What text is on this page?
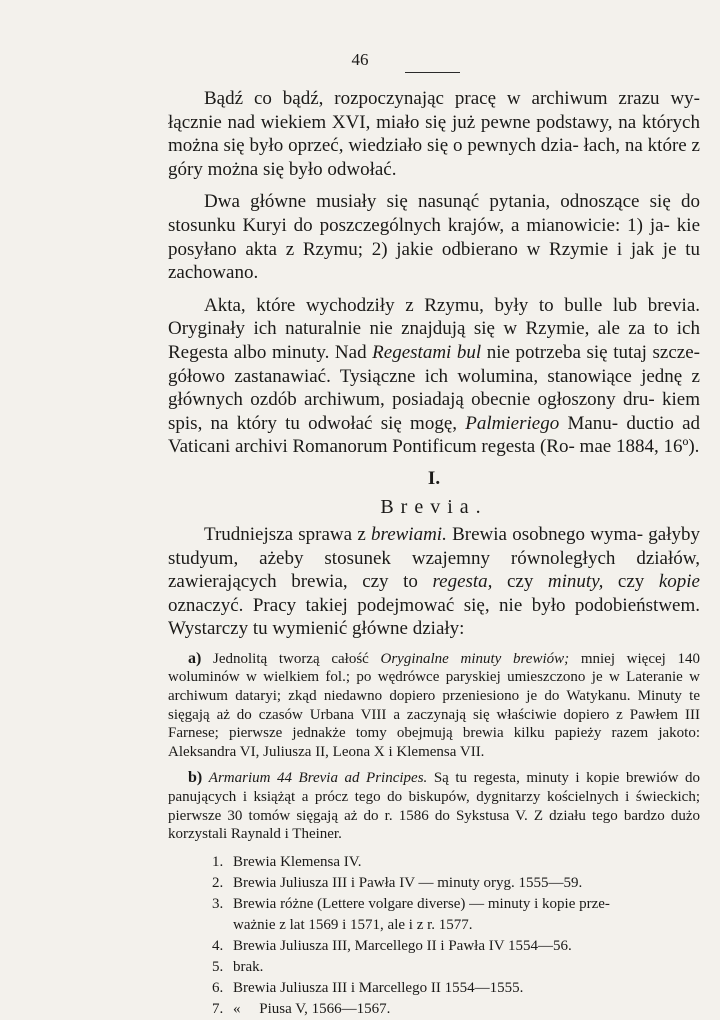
46

Bądź co bądź, rozpoczynając pracę w archiwum zrazu wy- łącznie nad wiekiem XVI, miało się już pewne podstawy, na których można się było oprzeć, wiedziało się o pewnych dzia- łach, na które z góry można się było odwołać.

Dwa główne musiały się nasunąć pytania, odnoszące się do stosunku Kuryi do poszczególnych krajów, a mianowicie: 1) ja- kie posyłano akta z Rzymu; 2) jakie odbierano w Rzymie i jak je tu zachowano.

Akta, które wychodziły z Rzymu, były to bulle lub brevia. Oryginały ich naturalnie nie znajdują się w Rzymie, ale za to ich Regesta albo minuty. Nad Regestami bul nie potrzeba się tutaj szcze- gółowo zastanawiać. Tysiączne ich wolumina, stanowiące jednę z głównych ozdób archiwum, posiadają obecnie ogłoszony dru- kiem spis, na który tu odwołać się mogę, Palmieriego Manu- ductio ad Vaticani archivi Romanorum Pontificum regesta (Ro- mae 1884, 16º).

I.
Brevia.

Trudniejsza sprawa z brewiami. Brewia osobnego wyma- gałyby studyum, ażeby stosunek wzajemny równoległych działów, zawierających brewia, czy to regesta, czy minuty, czy kopie oznaczyć. Pracy takiej podejmować się, nie było podobieństwem. Wystarczy tu wymienić główne działy:

a) Jednolitą tworzą całość Oryginalne minuty brewiów; mniej więcej 140 woluminów w wielkiem fol.; po wędrówce paryskiej umieszczono je w Lateranie w archiwum dataryi; zkąd niedawno dopiero przeniesiono je do Watykanu. Minuty te sięgają aż do czasów Urbana VIII a zaczynają się właściwie dopiero z Pawłem III Farnese; pierwsze jednakże tomy obejmują brewia kilku papieży razem jakoto: Aleksandra VI, Juliusza II, Leona X i Klemensa VII.

b) Armarium 44 Brevia ad Principes. Są tu regesta, minuty i kopie brewiów do panujących i książąt a prócz tego do biskupów, dygnitarzy kościelnych i świeckich; pierwsze 30 tomów sięgają aż do r. 1586 do Sykstusa V. Z działu tego bardzo dużo korzystali Raynald i Theiner.

1. Brewia Klemensa IV.
2. Brewia Juliusza III i Pawła IV — minuty oryg. 1555—59.
3. Brewia różne (Lettere volgare diverse) — minuty i kopie prze-
ważnie z lat 1569 i 1571, ale i z r. 1577.
4. Brewia Juliusza III, Marcellego II i Pawła IV 1554—56.
5. brak.
6. Brewia Juliusza III i Marcellego II 1554—1555.
7. «     Piusa V, 1566—1567.
